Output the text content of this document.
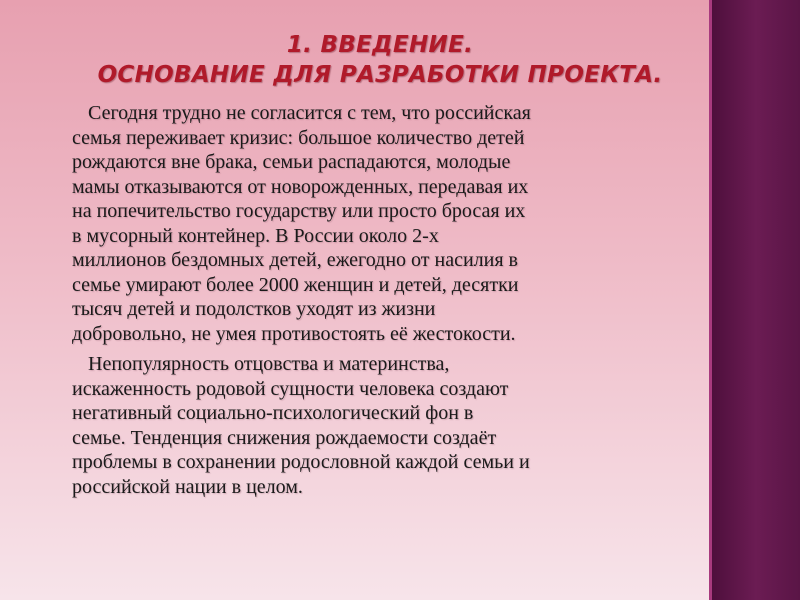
1. ВВЕДЕНИЕ.
ОСНОВАНИЕ ДЛЯ РАЗРАБОТКИ ПРОЕКТА.

Сегодня трудно не согласится с тем, что российская
семья переживает кризис: большое количество детей
рождаются вне брака, семьи распадаются, молодые
мамы отказываются от новорожденных, передавая их
на попечительство государству или просто бросая их
в мусорный контейнер. В России около 2-х
миллионов бездомных детей, ежегодно от насилия в
семье умирают более 2000 женщин и детей, десятки
тысяч детей и подолстков уходят из жизни
добровольно, не умея противостоять её жестокости.

Непопулярность отцовства и материнства,
искаженность родовой сущности человека создают
негативный социально-психологический фон в
семье. Тенденция снижения рождаемости создаёт
проблемы в сохранении родословной каждой семьи и
российской нации в целом.
